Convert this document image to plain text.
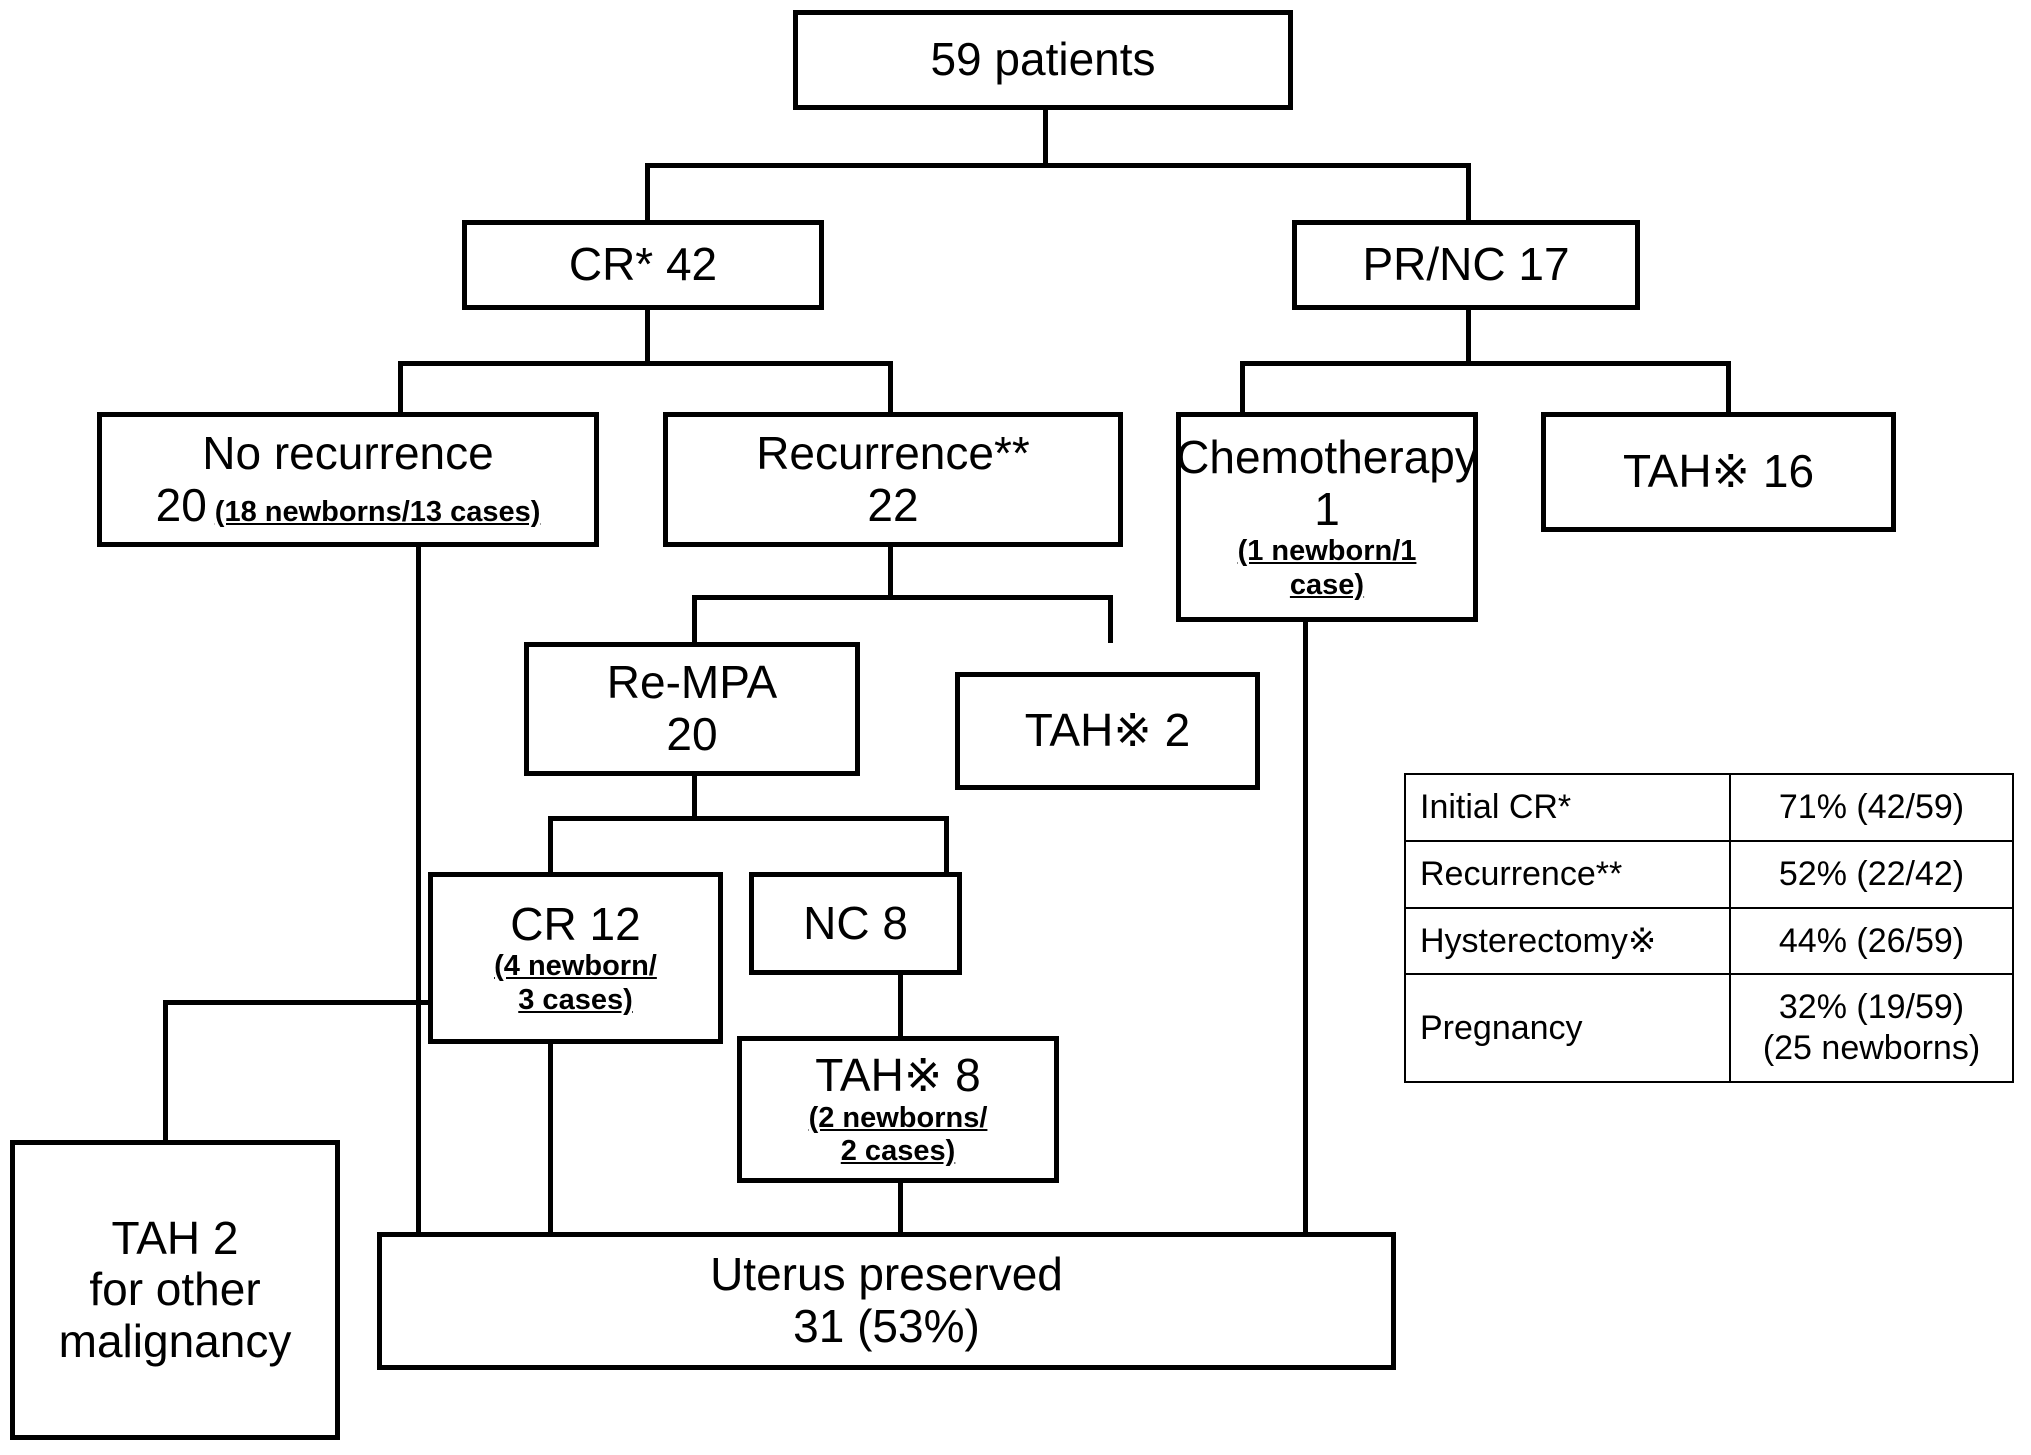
59 patients
CR* 42	PR/NC 17
No recurrence
20 (18 newborns/13 cases)
Recurrence**
22
Chemotherapy
1
(1 newborn/1
case)
TAH※ 16
Re-MPA
20	TAH※ 2
CR 12
(4 newborn/
3 cases)
NC 8
TAH※ 8
(2 newborns/
2 cases)
TAH 2
for other
malignancy
Uterus preserved
31 (53%)
Initial CR*	71% (42/59)
Recurrence**	52% (22/42)
Hysterectomy※	44% (26/59)
Pregnancy	32% (19/59)
(25 newborns)
